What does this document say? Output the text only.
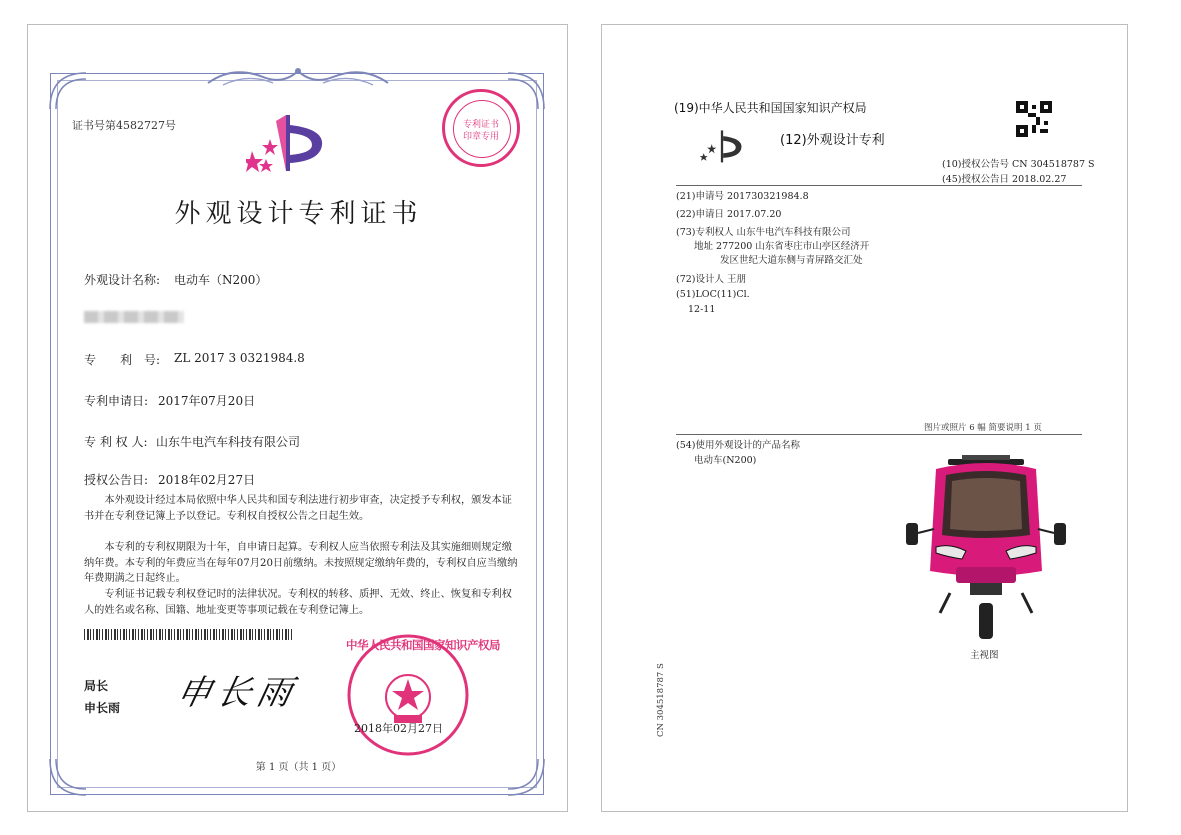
证书号第4582727号	专利证书印章专用
外观设计专利证书
外观设计名称: 电动车（N200）
专　　利　号: ZL 2017 3 0321984.8
专利申请日: 2017年07月20日
专 利 权 人: 山东牛电汽车科技有限公司
授权公告日: 2018年02月27日
本外观设计经过本局依照中华人民共和国专利法进行初步审查，决定授予专利权，颁发本证书并在专利登记簿上予以登记。专利权自授权公告之日起生效。
本专利的专利权期限为十年，自申请日起算。专利权人应当依照专利法及其实施细则规定缴纳年费。本专利的年费应当在每年07月20日前缴纳。未按照规定缴纳年费的，专利权自应当缴纳年费期满之日起终止。
专利证书记载专利权登记时的法律状况。专利权的转移、质押、无效、终止、恢复和专利权人的姓名或名称、国籍、地址变更等事项记载在专利登记簿上。
局长
申长雨 申长雨
中华人民共和国国家知识产权局
2018年02月27日
第 1 页（共 1 页）
(19)中华人民共和国国家知识产权局
(12)外观设计专利
(10)授权公告号 CN 304518787 S
(45)授权公告日 2018.02.27
(21)申请号 201730321984.8
(22)申请日 2017.07.20
(73)专利权人 山东牛电汽车科技有限公司
地址 277200 山东省枣庄市山亭区经济开
发区世纪大道东侧与青屏路交汇处
(72)设计人 王朋
(51)LOC(11)Cl.
12-11
图片或照片 6 幅 简要说明 1 页
(54)使用外观设计的产品名称
电动车(N200)
主视图
CN 304518787 S
